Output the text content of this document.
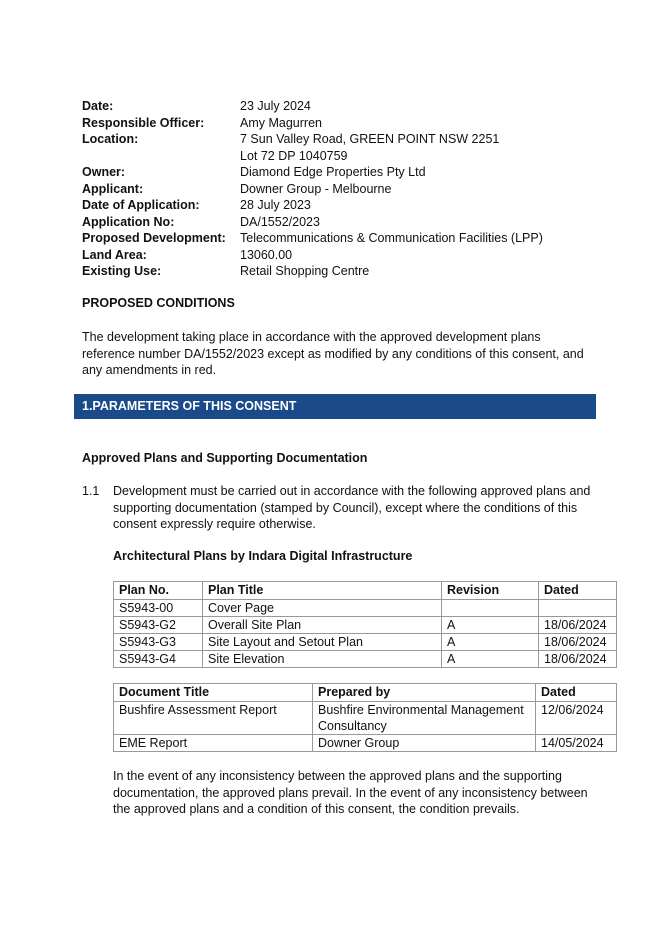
Date:	23 July 2024
Responsible Officer:	Amy Magurren
Location:	7 Sun Valley Road, GREEN POINT NSW 2251
Lot 72 DP 1040759
Owner:	Diamond Edge Properties Pty Ltd
Applicant:	Downer Group - Melbourne
Date of Application:	28 July 2023
Application No:	DA/1552/2023
Proposed Development:	Telecommunications & Communication Facilities (LPP)
Land Area:	13060.00
Existing Use:	Retail Shopping Centre
PROPOSED CONDITIONS
The development taking place in accordance with the approved development plans reference number DA/1552/2023 except as modified by any conditions of this consent, and any amendments in red.
1.PARAMETERS OF THIS CONSENT
Approved Plans and Supporting Documentation
1.1 Development must be carried out in accordance with the following approved plans and supporting documentation (stamped by Council), except where the conditions of this consent expressly require otherwise.
Architectural Plans by Indara Digital Infrastructure
Plan No.	Plan Title	Revision	Dated
S5943-00	Cover Page		
S5943-G2	Overall Site Plan	A	18/06/2024
S5943-G3	Site Layout and Setout Plan	A	18/06/2024
S5943-G4	Site Elevation	A	18/06/2024
Document Title	Prepared by	Dated
Bushfire Assessment Report	Bushfire Environmental Management Consultancy	12/06/2024
EME Report	Downer Group	14/05/2024
In the event of any inconsistency between the approved plans and the supporting documentation, the approved plans prevail. In the event of any inconsistency between the approved plans and a condition of this consent, the condition prevails.
